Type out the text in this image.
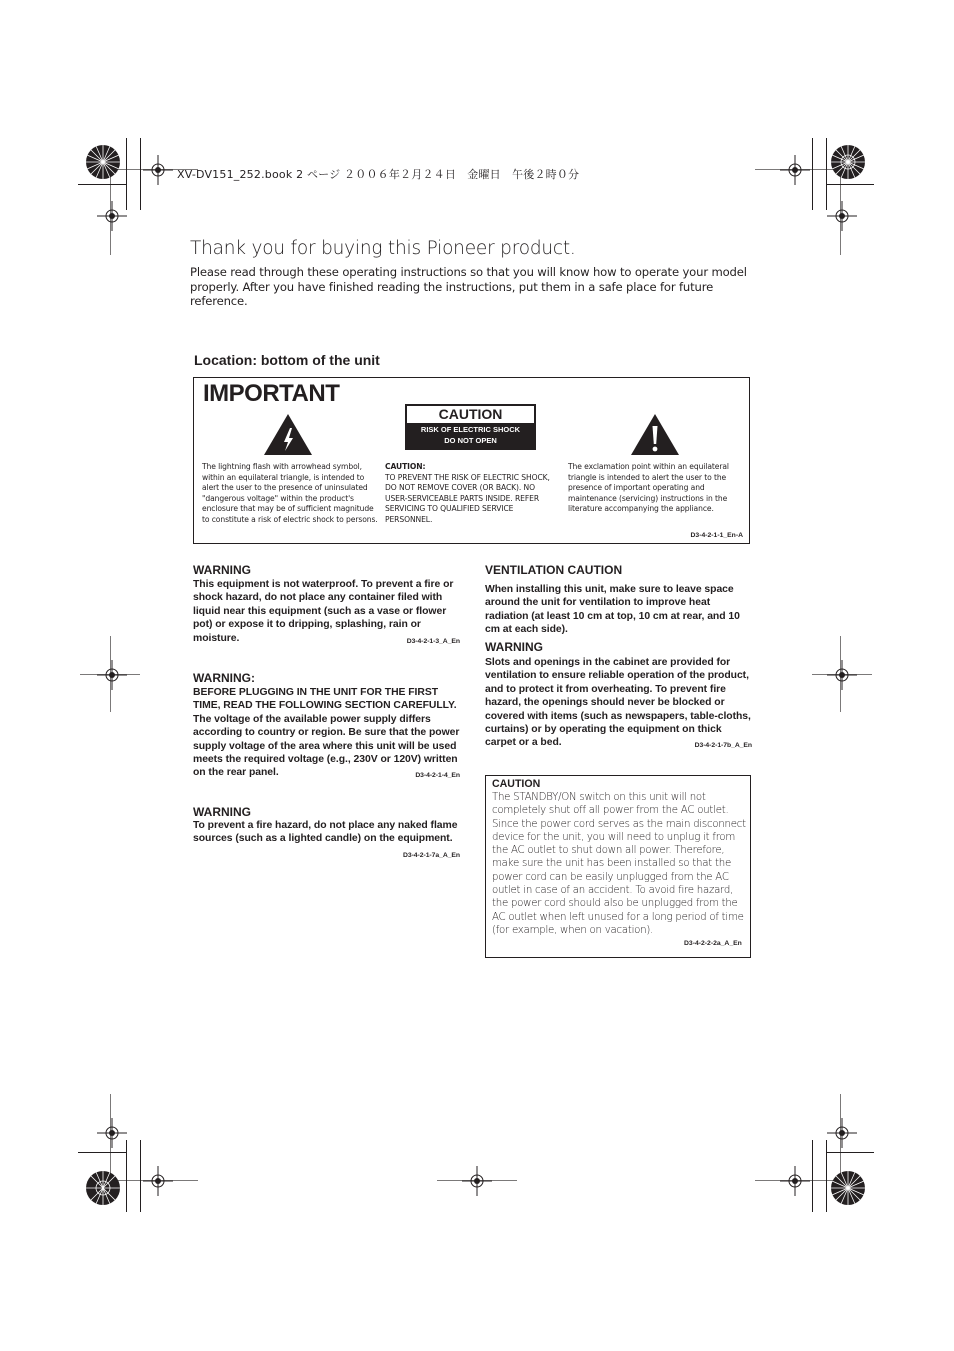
XV-DV151_252.book 2 ページ ２００６年２月２４日　金曜日　午後２時０分
Thank you for buying this Pioneer product.
Please read through these operating instructions so that you will know how to operate your model properly. After you have finished reading the instructions, put them in a safe place for future reference.
Location: bottom of the unit
IMPORTANT
CAUTION
RISK OF ELECTRIC SHOCK
DO NOT OPEN
The lightning flash with arrowhead symbol, within an equilateral triangle, is intended to alert the user to the presence of uninsulated "dangerous voltage" within the product's enclosure that may be of sufficient magnitude to constitute a risk of electric shock to persons.
CAUTION:
TO PREVENT THE RISK OF ELECTRIC SHOCK, DO NOT REMOVE COVER (OR BACK). NO USER-SERVICEABLE PARTS INSIDE. REFER SERVICING TO QUALIFIED SERVICE PERSONNEL.
The exclamation point within an equilateral triangle is intended to alert the user to the presence of important operating and maintenance (servicing) instructions in the literature accompanying the appliance.
D3-4-2-1-1_En-A
WARNING
This equipment is not waterproof. To prevent a fire or shock hazard, do not place any container filed with liquid near this equipment (such as a vase or flower pot) or expose it to dripping, splashing, rain or moisture.	D3-4-2-1-3_A_En
WARNING:
BEFORE PLUGGING IN THE UNIT FOR THE FIRST TIME, READ THE FOLLOWING SECTION CAREFULLY. The voltage of the available power supply differs according to country or region. Be sure that the power supply voltage of the area where this unit will be used meets the required voltage (e.g., 230V or 120V) written on the rear panel.	D3-4-2-1-4_En
WARNING
To prevent a fire hazard, do not place any naked flame sources (such as a lighted candle) on the equipment.
D3-4-2-1-7a_A_En
VENTILATION CAUTION
When installing this unit, make sure to leave space around the unit for ventilation to improve heat radiation (at least 10 cm at top, 10 cm at rear, and 10 cm at each side).
WARNING
Slots and openings in the cabinet are provided for ventilation to ensure reliable operation of the product, and to protect it from overheating. To prevent fire hazard, the openings should never be blocked or covered with items (such as newspapers, table-cloths, curtains) or by operating the equipment on thick carpet or a bed.	D3-4-2-1-7b_A_En
CAUTION
The STANDBY/ON switch on this unit will not completely shut off all power from the AC outlet. Since the power cord serves as the main disconnect device for the unit, you will need to unplug it from the AC outlet to shut down all power. Therefore, make sure the unit has been installed so that the power cord can be easily unplugged from the AC outlet in case of an accident. To avoid fire hazard, the power cord should also be unplugged from the AC outlet when left unused for a long period of time (for example, when on vacation).
D3-4-2-2-2a_A_En
